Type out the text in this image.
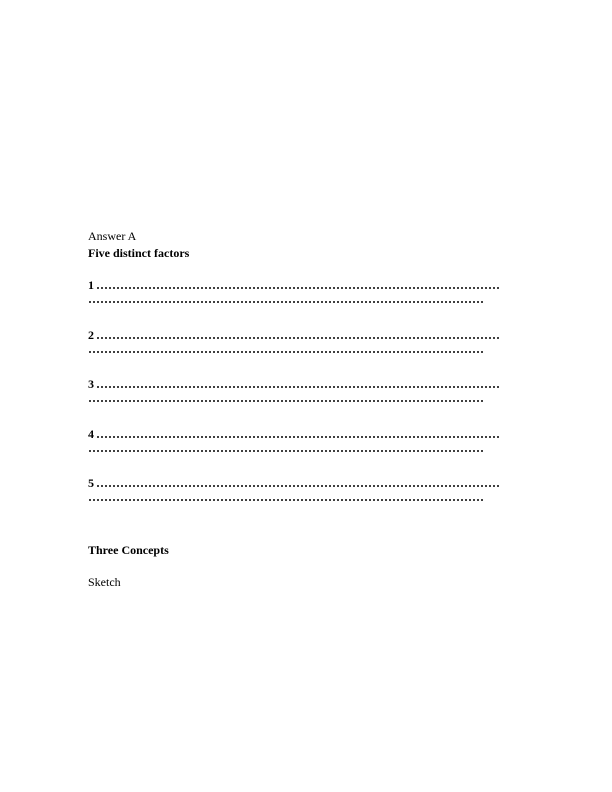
Answer A
Five distinct factors
1
2
3
4
5
Three Concepts
Sketch
